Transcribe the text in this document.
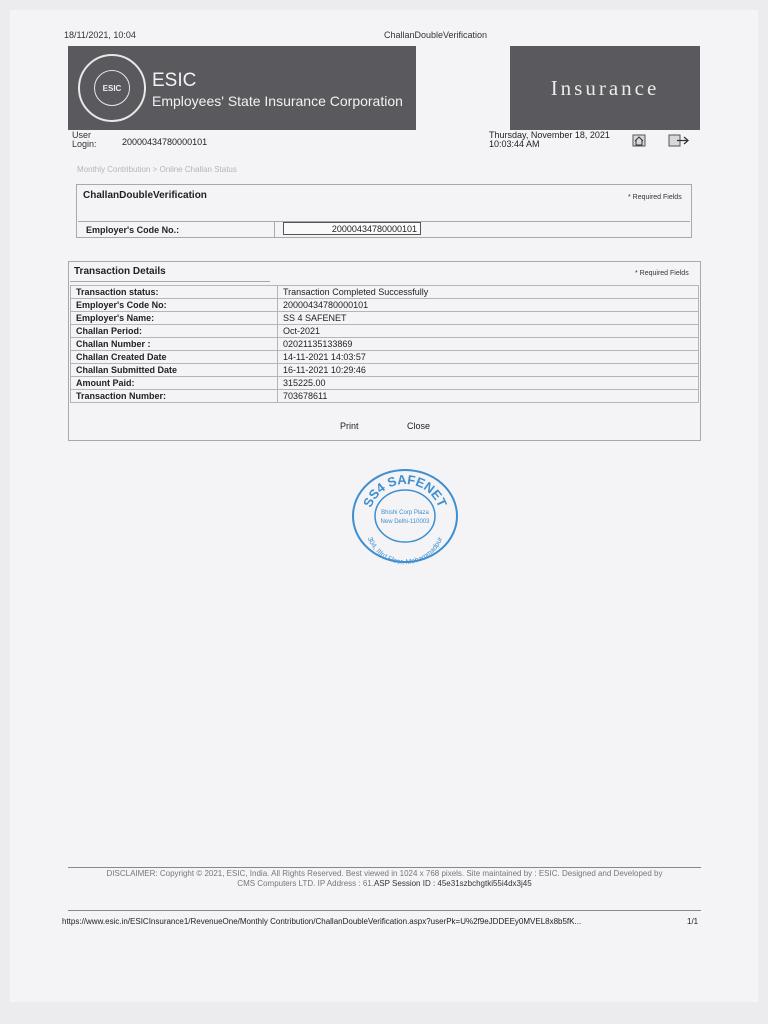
18/11/2021, 10:04	ChallanDoubleVerification
ESIC	ESIC
Employees' State Insurance Corporation
Insurance
User Login:	20000434780000101
Thursday, November 18, 2021
10:03:44 AM
Monthly Contribution > Online Challan Status
ChallanDoubleVerification	* Required Fields
Employer's Code No.:	20000434780000101
Transaction Details	* Required Fields
Transaction status:	Transaction Completed Successfully
Employer's Code No:	20000434780000101
Employer's Name:	SS 4 SAFENET
Challan Period:	Oct-2021
Challan Number :	02021135133869
Challan Created Date	14-11-2021 14:03:57
Challan Submitted Date	16-11-2021 10:29:46
Amount Paid:	315225.00
Transaction Number:	703678611
Print	Close
SS4 SAFENET
304, IIIrd Floor, Mohammadpur
Bhishi Corp Plaza
New Delhi-110003
DISCLAIMER: Copyright © 2021, ESIC, India. All Rights Reserved. Best viewed in 1024 x 768 pixels. Site maintained by : ESIC. Designed and Developed by
CMS Computers LTD. IP Address : 61.ASP Session ID : 45e31szbchgtki55i4dx3j45
https://www.esic.in/ESICInsurance1/RevenueOne/Monthly Contribution/ChallanDoubleVerification.aspx?userPk=U%2f9eJDDEEy0MVEL8x8b5fK...	1/1
